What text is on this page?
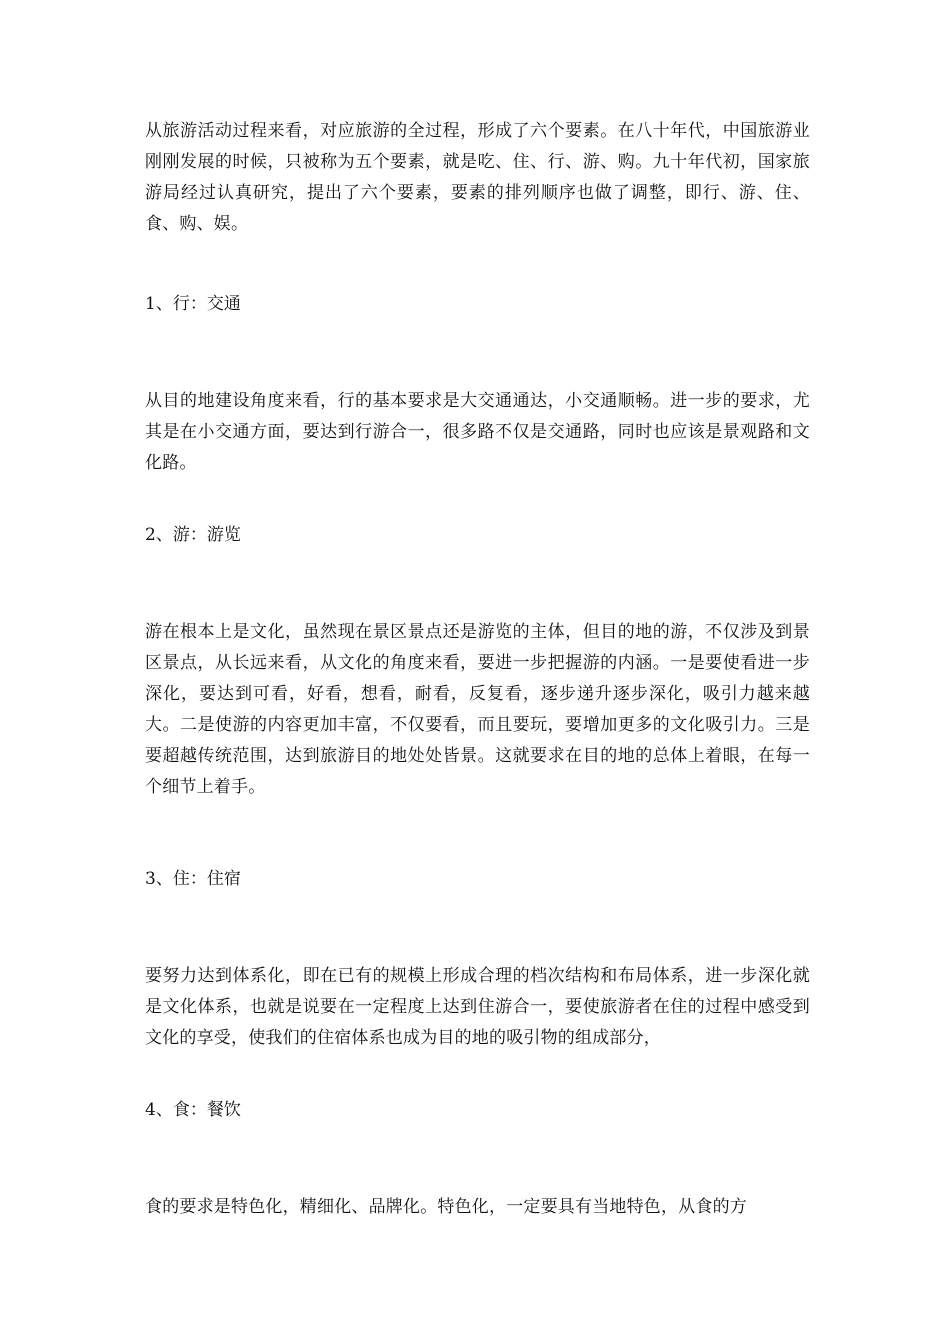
从旅游活动过程来看，对应旅游的全过程，形成了六个要素。在八十年代，中国旅游业刚刚发展的时候，只被称为五个要素，就是吃、住、行、游、购。九十年代初，国家旅游局经过认真研究，提出了六个要素，要素的排列顺序也做了调整，即行、游、住、食、购、娱。

1、行：交通

从目的地建设角度来看，行的基本要求是大交通通达，小交通顺畅。进一步的要求，尤其是在小交通方面，要达到行游合一，很多路不仅是交通路，同时也应该是景观路和文化路。

2、游：游览

游在根本上是文化，虽然现在景区景点还是游览的主体，但目的地的游，不仅涉及到景区景点，从长远来看，从文化的角度来看，要进一步把握游的内涵。一是要使看进一步深化，要达到可看，好看，想看，耐看，反复看，逐步递升逐步深化，吸引力越来越大。二是使游的内容更加丰富，不仅要看，而且要玩，要增加更多的文化吸引力。三是要超越传统范围，达到旅游目的地处处皆景。这就要求在目的地的总体上着眼，在每一个细节上着手。

3、住：住宿

要努力达到体系化，即在已有的规模上形成合理的档次结构和布局体系，进一步深化就是文化体系，也就是说要在一定程度上达到住游合一，要使旅游者在住的过程中感受到文化的享受，使我们的住宿体系也成为目的地的吸引物的组成部分，

4、食：餐饮

食的要求是特色化，精细化、品牌化。特色化，一定要具有当地特色，从食的方
